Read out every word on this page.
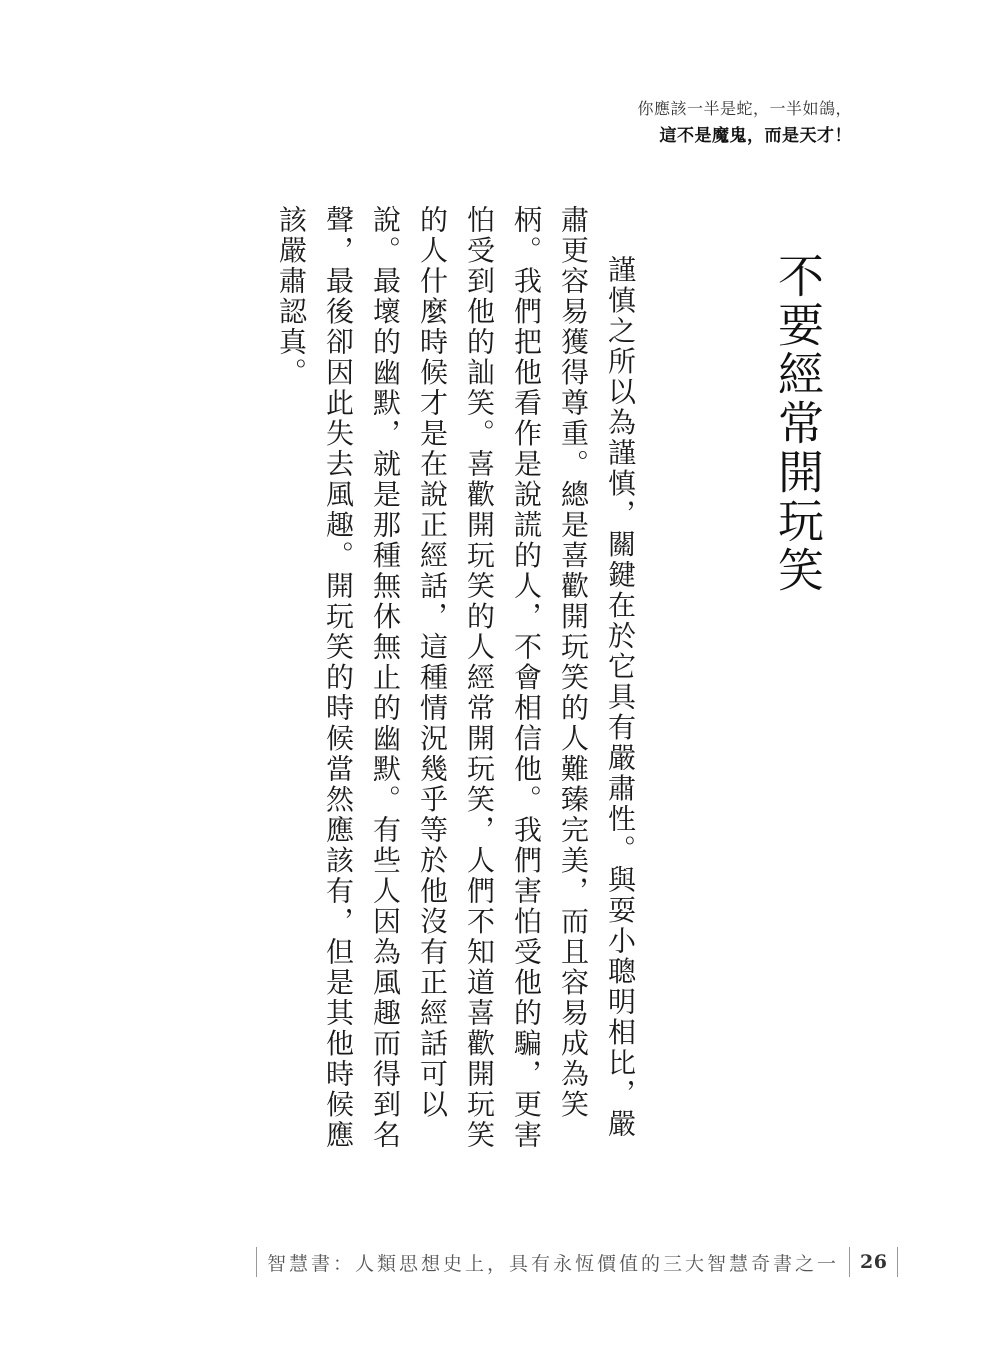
你應該一半是蛇，一半如鴿，
這不是魔鬼，而是天才！
不要經常開玩笑

謹慎之所以為謹慎，關鍵在於它具有嚴肅性。與耍小聰明相比，嚴肅更容易獲得尊重。總是喜歡開玩笑的人難臻完美，而且容易成為笑柄。我們把他看作是說謊的人，不會相信他。我們害怕受他的騙，更害怕受到他的訕笑。喜歡開玩笑的人經常開玩笑，人們不知道喜歡開玩笑的人什麼時候才是在說正經話，這種情況幾乎等於他沒有正經話可以說。最壞的幽默，就是那種無休無止的幽默。有些人因為風趣而得到名聲，最後卻因此失去風趣。開玩笑的時候當然應該有，但是其他時候應該嚴肅認真。

智慧書：人類思想史上，具有永恆價值的三大智慧奇書之一	26
